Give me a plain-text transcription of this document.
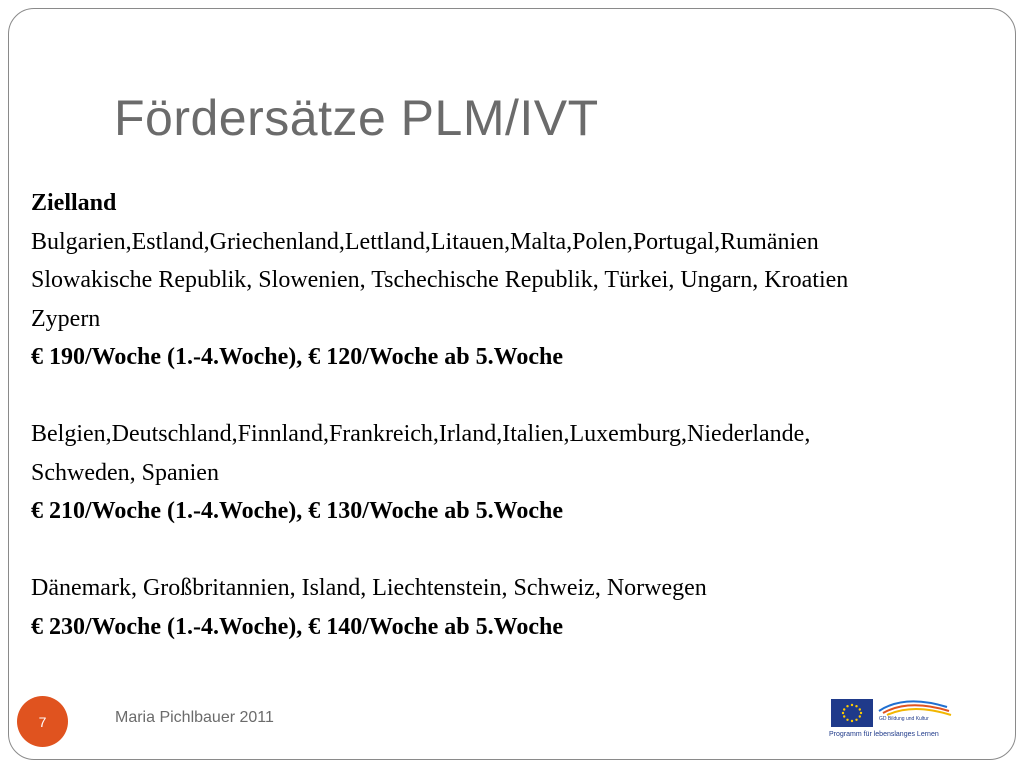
Fördersätze PLM/IVT

Zielland

Bulgarien,Estland,Griechenland,Lettland,Litauen,Malta,Polen,Portugal,Rumänien

Slowakische Republik, Slowenien, Tschechische Republik, Türkei, Ungarn, Kroatien

Zypern

€ 190/Woche (1.-4.Woche), € 120/Woche ab 5.Woche

Belgien,Deutschland,Finnland,Frankreich,Irland,Italien,Luxemburg,Niederlande,

Schweden, Spanien

€ 210/Woche (1.-4.Woche), € 130/Woche ab 5.Woche

Dänemark, Großbritannien, Island, Liechtenstein, Schweiz, Norwegen

€ 230/Woche (1.-4.Woche), € 140/Woche ab 5.Woche

7	Maria Pichlbauer 2011	GD Bildung und Kultur
Programm für lebenslanges Lernen
